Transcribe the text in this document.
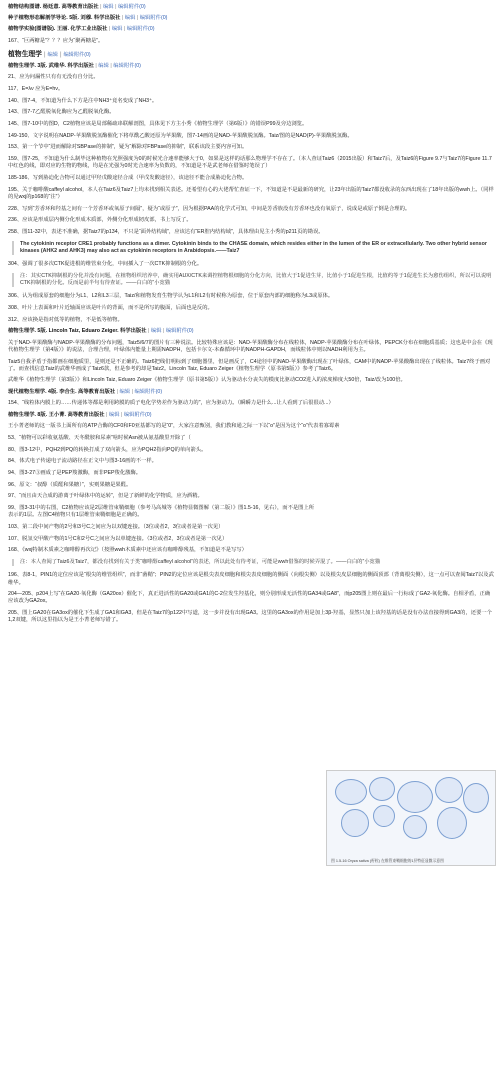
植物结构图谱. 杨廷意. 高等教育出版社 | 编辑 | 编辑附件(0)

种子植物形态解剖学导论. 5版. 刘穆. 科学出版社 | 编辑 | 编辑附件(0)

植物学实验(图谱版). 王丽. 化学工业出版社 | 编辑 | 编辑附件(0)

167、“巨两糖是”？？？应为“聚两糖是”。

植物生理学 | 编辑 | 编辑附件(0)

植物生理学. 3版. 武维华. 科学出版社 | 编辑 | 编辑附件(0)

21、应为问漏性只有有无没有自分比。

117、E=λν 应为E=hν。

140、图7-4，不知道为什么下方是注中NH3⁺竟名变成了NH3⁺。

143、图7-7乙醛脱氧化酶应为乙醛脱氧化酶。

145、图7-10中的图D，C2植物应该是局部稀疏串联解剖图，具体见下方主小秀《植物生理学（第6版）》的错误P99及旁边浏览。

149-150、文字说明在NADP-苹果酸脱氢酶催化下将草酰乙酸还原为苹果酸，图7-14画的是NAD-苹果酸脱氢酶。Taiz/图的是NAD(P)-苹果酸脱氢酶。

153、第一个节中“进而解除对SBPase的抑制”，疑为“解除对FBPase的抑制”，联系该段主要内容可知。

159、图7-25，不知道为什么制毕这种植物在光照强度为0的时候光合速率能够大于0，如果是这样的话那么物理学不存在了。（本人查证Taiz6（2015出版）和Taiz7后，及Taiz6的Figure 9.7与Taiz7的Figure 11.7中红色的线，即对应的生物的物线，均是在光强为0时光合速率为负数的，不知道是不是武老师在借鉴时笔误了）

185-186、写到胁迫化合物可以通过甲羟戊酸途径合成（甲戊发酸途径），该途径不能合成胁迫化合物。

195、关于咖啡酸caffeyl alcohol，本人在Taiz6及Taiz7上均未找到相关表述。还希望有心的大佬帮忙查证一下，不知道是不是最新的研究，让23年出版的Taiz7都没收录的东西出现在了18年出版的wwh上。（同样的见wxj的p168的“注”）

228、写到“芳香环和羟基之间有一个芳香环或氧原子间隔”，疑为“或原子”，因为根据PAA的化学式可知，中间是芳香族没有芳香环也没有氧原子，说成是或原子倒是合理的。

236、应该是形成层内侧分化形成木质部，外侧分化形成韧皮部，书上写反了。

258、图11-32中，表述不准确，据Taiz7的p134，不只是“面外结构域”，应该达有“ER腔内结构域”，具体理由见主小秀的p211页的勘误。

The cytokinin receptor CRE1 probably functions as a dimer. Cytokinin binds to the CHASE domain, which resides either in the lumen of the ER or extracellularly. Two other hybrid sensor kinases (AHK2 and AHK3) may also act as cytokinin receptors in Arabidopsis.——Taiz7

304、强调了很多次CTK促进根的维管束分化，中间插入了一次CTK抑制根的分化。

注：其实CTK抑制根的分化并没有问题，在植物组织培养中，确实用AUX/CTK来调控植物根细胞的分化方向，比值大于1促进生芽，比值小于1促进生根，比值约等于1促进生长为愈伤组织，所以可以说明CTK抑制根的分化。反而是前半句有待查证。——白白的”小宽猫

306、认为组成原套的细胞分为L1、L2和L3三层，Taiz/和植物发育生物学认为L1和L2有时候称为原套，位于原套内部的细胞称为L3或原体。

308、叶片上表面和叶片近轴面应该是叶片的背面，而不是所写的腹面，后面也是反的。

312、应该换是指对低等的植物，不是低等植物。

植物生理学. 5版. Lincoln Taiz, Eduaro Zeiger. 科学出版社 | 编辑 | 编辑附件(0)

关于NAD-苹果酸酶与NADP-苹果酸酶的分布问题，Taiz5/6/7的图片有三种说法。比较特殊应该是：NAD-苹果酸酶分布在线粒体，NADP-苹果酸酶分布在叶绿体，PEPCK分布在细胞质基质；这也是中会在《现代植物生理学（第4版）》的说法，合理合理，叶绿体内能量上期需NADPH，包括卡尔文-本森循环中的NADPH-GAPDH，而线粒体中则以NADH利用为主。

Taiz5自我矛盾于指都画在细胞质里，是则还是不正确的。Taiz6把线们明标到了细胞器里，但是画反了，C4途径中的NAD-苹果酸酶出现在了叶绿体，CAM中的NADP-苹果酸酶出现在了线粒体。Taiz7终于画对了。而查找信息Taiz的武维华画成了Taiz6款，但是参考的却是Taiz2。Lincoln Taiz, Eduaro Zeiger《植物生理学（原书第5版）》参考了Taiz6。

武维华《植物生理学（第3版）》和Lincoln Taiz, Eduaro Zeiger《植物生理学（原书第5版）》认为驱动水分丧失的模度比驱动CO2进入的浓度梯度大50倍，Taiz/改为100倍。

现代植物生理学. 4版. 李合生. 高等教育出版社 | 编辑 | 编辑附件(0)

154、“线粒体内膜上的……传递体等都是利用跨膜的质子电化学势差作为驱动力的”，应为驱动力。（瞬瞬力是什么...让人看到了后很很动...）

植物生理学. 8版. 王小菁. 高等教育出版社 | 编辑 | 编辑附件(0)

王小菁老师的这一版书上面所有的ATP合酶的CF0和F0亚基都写的是“0”，大家注意甄别，我们教和通之际一下以“o”是因为这个“o”代表着寡霉素

53、“植物可以彩收氨基酸、天冬酰胺和尿素”啥时候Asn被从氨基酸里开除了（

80、图3-12中，PQH2到PQ的转换打成了双向箭头，应为PQH2指向PQ的单向箭头。

84、体式电子传递电子流动路径在正文中与图3-16画的不一样。

94、图3-27③画成了是PEP羧激酶，而非PEP羧化激酶。

96、原文：“叔醇（质醛和果糖）”，实则果糖是果醛。

97、“而且由天合成的游离于叶绿体中的运转”，但是了新鲜的化学物质，应为酒精。

99、图3-31中的右图，C2植物应该是2层维管束鞘细胞（参考马高城等《植物显微图解（第二版）》图1.5-16，见右），而不是图上所表示的1层。左图C4植物只有1层维管束鞘细胞是正确的。

103、第二段中间产物的2号和3号C之间应为以双键连接。（3位或者2，3位或者是第一次见）

107、脱氢交甲酸产物的1号C和2号C之间应为以单键连接。（3位或者2，3位或者是第一次见）

168、《wxj特制木质素之咖啡醇再次记》（按照wwh木质素中还应该有咖啡醇残基，不知道是不是写写）

注：本人查阅了Taiz6及Taiz7，都没有找到有关于类“咖啡醇caffeyl alcohol”的表述，所以此处有待考证，可能是wwh借鉴的时候弄混了。——白白的”小宽猫

196、表8-1，PIN1的定位应该是“根尖的维管组织”，而非“菌鞘”；PIN2的定位应该是根尖表皮细胞和根尖表皮细胞的侧面（向根尖侧）以及根尖皮层细胞的侧面顶部（背离根尖侧），这一点可以查阅Taiz7以及武维华。

204—205、p204上写“在GA20·氧化酶（GA20ox）催化下，真正进活性的GA20或GA1的C-2位发生羟基化，则分别形成无活性的GA34或GA8”，而p205图上则在最后一行标成了GA2-氧化酶。自相矛盾，正确应该改为GA2ox。

205、图上GA20在GA3ox的催化下生成了GA1和GA3，但是在Taiz7的p122中写道，这一步并没有出现GA3。这里的GA3ox的作用是加上3β-羟基，显然只加上该羟基的话是没有办法直接得到GA3的，还要一个1,2双键，所以这里指以为是王小菁老师写错了。

图 1.5-16 Oryza sativa (籽粒) 在维管束鞘细胞的1层特征显微示意图
